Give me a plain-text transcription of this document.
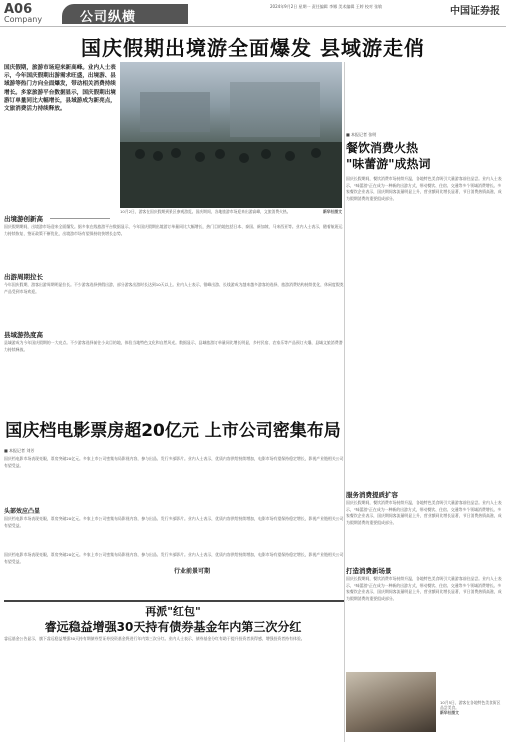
A06
Company	公司纵横
2024年9月2日 星期一 责任编辑 李娜 美术编辑 王婷 校对 张敏	中国证券报
国庆假期出境游全面爆发 县域游走俏
国庆假期，旅游市场迎来新高峰。业内人士表示，今年国庆假期出游需求旺盛，出境游、县域游等热门方向全面爆发，带动相关消费持续增长。多家旅游平台数据显示，国庆假期出境游订单量同比大幅增长，县域游成为新亮点，文旅消费活力持续释放。
10月2日，游客在国庆假期到景区参观游览。国庆期间，各地旅游市场迎来出游高峰，文旅消费火热。	新华社图文
■ 本报记者 张明
餐饮消费火热
"味蕾游"成热词
国庆长假期间，餐饮消费市场持续升温，各地特色美食吸引大量游客前往品尝。业内人士表示，"味蕾游"正在成为一种新的出游方式，带动餐饮、住宿、交通等多个领域消费增长。多家餐饮企业表示，国庆期间客流量明显上升，营业额同比增长显著，节日消费热情高涨，成为假期消费的重要组成部分。
出境游创新高
国庆假期期间，出境游市场迎来全面爆发。据多家在线旅游平台数据显示，今年国庆假期出境游订单量同比大幅增长，热门目的地包括日本、泰国、新加坡、马来西亚等。业内人士表示，随着航班运力持续恢复，签证政策不断优化，出境游市场有望保持较快增长态势。
出游周期拉长
今年国庆假期，游客出游周期明显拉长。不少游客选择拼假出游，部分游客出游时长达到10天以上。业内人士表示，错峰出游、长线游成为越来越多游客的选择，旅游消费结构持续优化，休闲度假类产品受到市场欢迎。
县域游热度高
县域游成为今年国庆假期的一大亮点。不少游客选择前往小众目的地，体验当地特色文化和自然风光。数据显示，县域旅游订单量同比增长明显，乡村民宿、农家乐等产品预订火爆，县域文旅消费潜力持续释放。
服务消费提质扩容
国庆长假期间，餐饮消费市场持续升温，各地特色美食吸引大量游客前往品尝。业内人士表示，"味蕾游"正在成为一种新的出游方式，带动餐饮、住宿、交通等多个领域消费增长。多家餐饮企业表示，国庆期间客流量明显上升，营业额同比增长显著，节日消费热情高涨，成为假期消费的重要组成部分。
打造消费新场景
国庆长假期间，餐饮消费市场持续升温，各地特色美食吸引大量游客前往品尝。业内人士表示，"味蕾游"正在成为一种新的出游方式，带动餐饮、住宿、交通等多个领域消费增长。多家餐饮企业表示，国庆期间客流量明显上升，营业额同比增长显著，节日消费热情高涨，成为假期消费的重要组成部分。
国庆档电影票房超20亿元 上市公司密集布局
■ 本报记者 刘芳
国庆档电影市场表现亮眼，票房突破20亿元。多家上市公司密集布局影视内容，参与出品、发行多部影片。业内人士表示，优质内容供给持续增加，电影市场有望保持稳定增长，影视产业链相关公司有望受益。
头部效应凸显
国庆档电影市场表现亮眼，票房突破20亿元。多家上市公司密集布局影视内容，参与出品、发行多部影片。业内人士表示，优质内容供给持续增加，电影市场有望保持稳定增长，影视产业链相关公司有望受益。
行业前景可期
国庆档电影市场表现亮眼，票房突破20亿元。多家上市公司密集布局影视内容，参与出品、发行多部影片。业内人士表示，优质内容供给持续增加，电影市场有望保持稳定增长，影视产业链相关公司有望受益。
再派"红包"
睿远稳益增强30天持有债券基金年内第三次分红
睿远基金公告显示，旗下睿远稳益增强30天持有期债券型证券投资基金将进行年内第三次分红。业内人士表示，债券基金分红有助于提升投资者获得感，增强投资者持有体验。
10月5日，游客在各地特色美食街区品尝美食。
新华社图文
